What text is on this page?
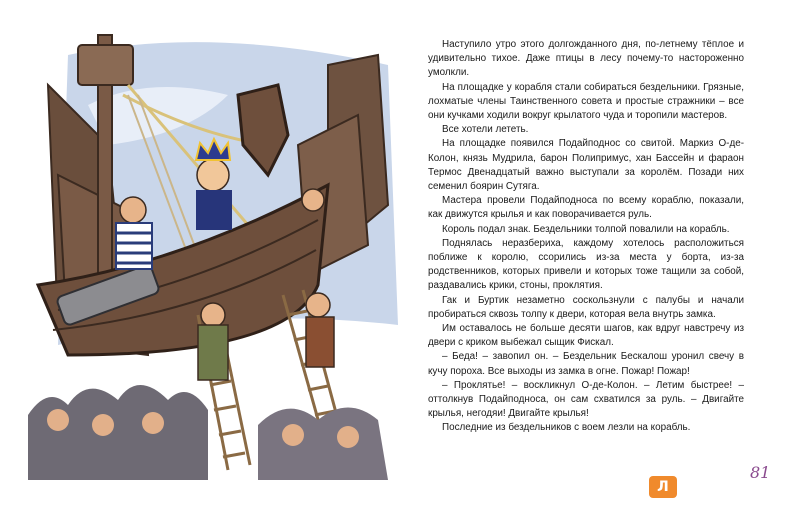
Наступило утро этого долгожданного дня, по-летнему тёплое и удивительно тихое. Даже птицы в лесу почему-то настороженно умолкли.

На площадке у корабля стали собираться бездельники. Грязные, лохматые члены Таинственного совета и простые стражники – все они кучками ходили вокруг крылатого чуда и торопили мастеров.

Все хотели лететь.

На площадке появился Подайподнос со свитой. Маркиз О-де-Колон, князь Мудрила, барон Полипримус, хан Бассейн и фараон Термос Двенадцатый важно выступали за королём. Позади них семенил боярин Сутяга.

Мастера провели Подайподноса по всему кораблю, показали, как движутся крылья и как поворачивается руль.

Король подал знак. Бездельники толпой повалили на корабль.

Поднялась неразбериха, каждому хотелось расположиться поближе к королю, ссорились из-за места у борта, из-за родственников, которых привели и которых тоже тащили за собой, раздавались крики, стоны, проклятия.

Гак и Буртик незаметно соскользнули с палубы и начали пробираться сквозь толпу к двери, которая вела внутрь замка.

Им оставалось не больше десяти шагов, как вдруг навстречу из двери с криком выбежал сыщик Фискал.

– Беда! – завопил он. – Бездельник Бескалош уронил свечу в кучу пороха. Все выходы из замка в огне. Пожар! Пожар!

– Проклятье! – воскликнул О-де-Колон. – Летим быстрее! – оттолкнув Подайподноса, он сам схватился за руль. – Двигайте крылья, негодяи! Двигайте крылья!

Последние из бездельников с воем лезли на корабль.

81
Л
